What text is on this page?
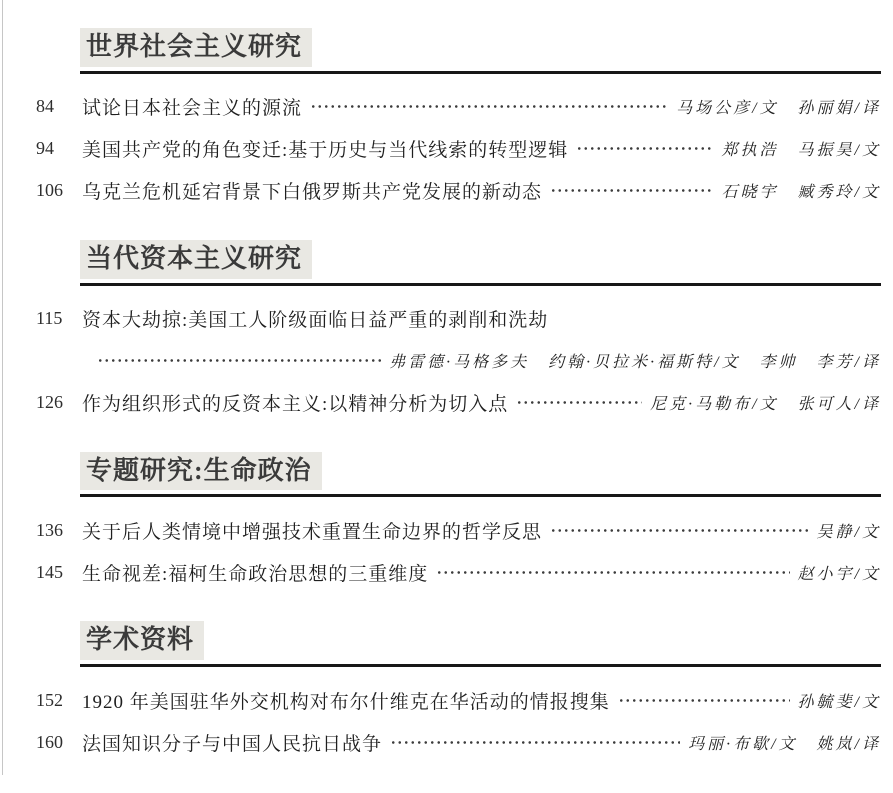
世界社会主义研究
84	试论日本社会主义的源流	马场公彦/文　孙丽娟/译
94	美国共产党的角色变迁:基于历史与当代线索的转型逻辑	郑执浩　马振昊/文
106	乌克兰危机延宕背景下白俄罗斯共产党发展的新动态	石晓宇　臧秀玲/文
当代资本主义研究
115	资本大劫掠:美国工人阶级面临日益严重的剥削和洗劫
弗雷德·马格多夫　约翰·贝拉米·福斯特/文　李帅　李芳/译
126	作为组织形式的反资本主义:以精神分析为切入点	尼克·马勒布/文　张可人/译
专题研究:生命政治
136	关于后人类情境中增强技术重置生命边界的哲学反思	吴静/文
145	生命视差:福柯生命政治思想的三重维度	赵小宇/文
学术资料
152	1920 年美国驻华外交机构对布尔什维克在华活动的情报搜集	孙毓斐/文
160	法国知识分子与中国人民抗日战争	玛丽·布歇/文　姚岚/译
